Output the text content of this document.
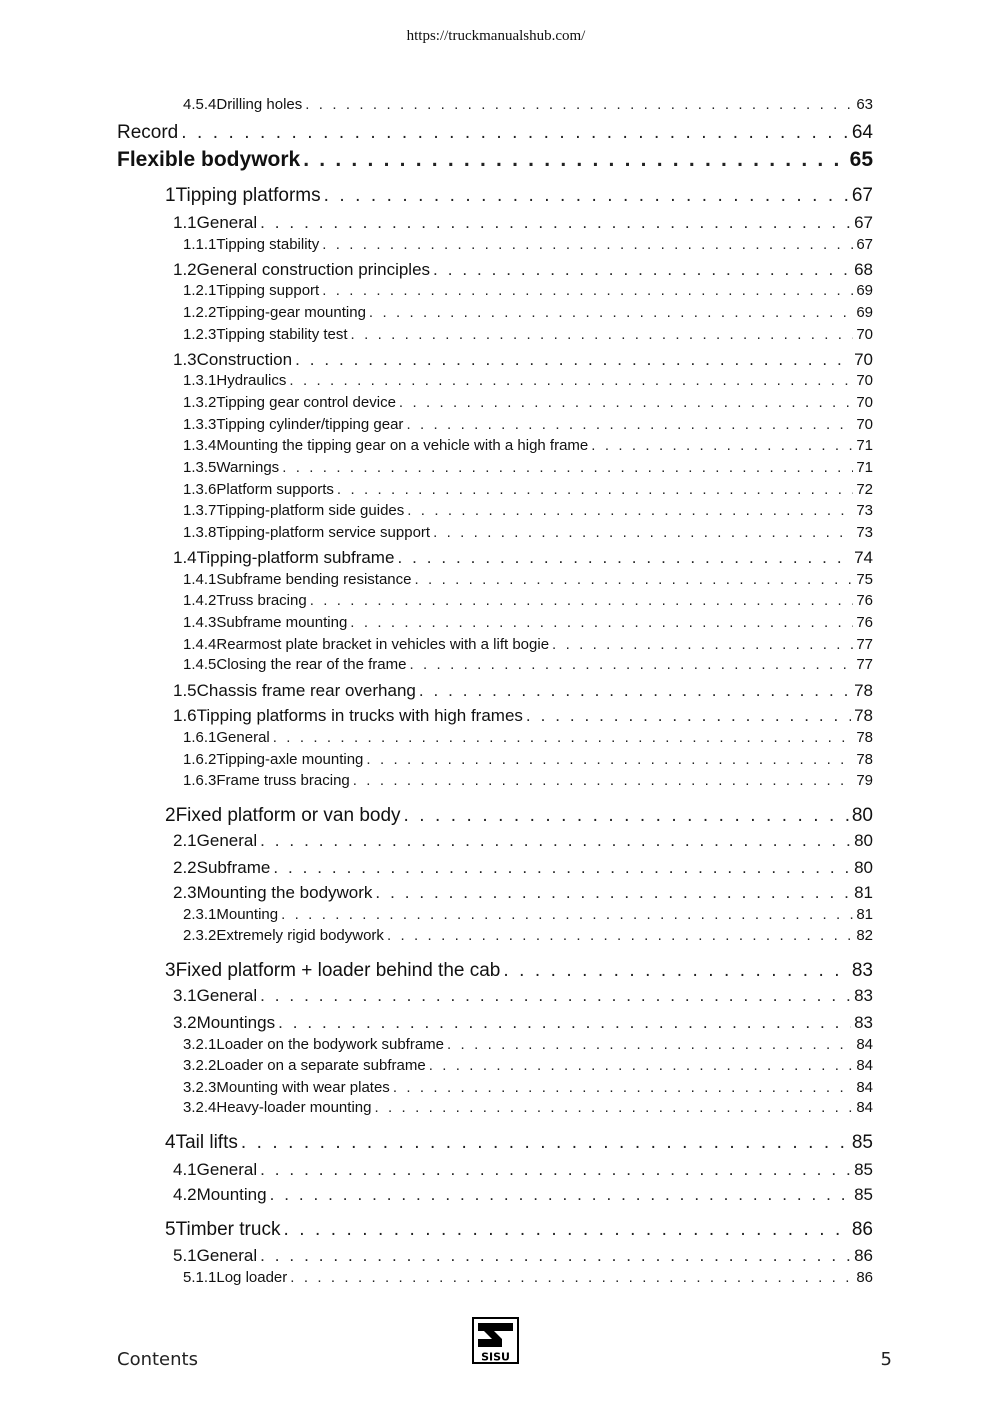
https://truckmanualshub.com/
4.5.4 Drilling holes . . .	63
Record . . .	64
Flexible bodywork . . .	65
1 Tipping platforms . . .	67
1.1 General . . .	67
1.1.1 Tipping stability . . .	67
1.2 General construction principles . . .	68
1.2.1 Tipping support . . .	69
1.2.2 Tipping-gear mounting . . .	69
1.2.3 Tipping stability test . . .	70
1.3 Construction . . .	70
1.3.1 Hydraulics . . .	70
1.3.2 Tipping gear control device . . .	70
1.3.3 Tipping cylinder/tipping gear . . .	70
1.3.4 Mounting the tipping gear on a vehicle with a high frame . . .	71
1.3.5 Warnings . . .	71
1.3.6 Platform supports . . .	72
1.3.7 Tipping-platform side guides . . .	73
1.3.8 Tipping-platform service support . . .	73
1.4 Tipping-platform subframe . . .	74
1.4.1 Subframe bending resistance . . .	75
1.4.2 Truss bracing . . .	76
1.4.3 Subframe mounting . . .	76
1.4.4 Rearmost plate bracket in vehicles with a lift bogie . . .	77
1.4.5 Closing the rear of the frame . . .	77
1.5 Chassis frame rear overhang . . .	78
1.6 Tipping platforms in trucks with high frames . . .	78
1.6.1 General . . .	78
1.6.2 Tipping-axle mounting . . .	78
1.6.3 Frame truss bracing . . .	79
2 Fixed platform or van body . . .	80
2.1 General . . .	80
2.2 Subframe . . .	80
2.3 Mounting the bodywork . . .	81
2.3.1 Mounting . . .	81
2.3.2 Extremely rigid bodywork . . .	82
3 Fixed platform + loader behind the cab . . .	83
3.1 General . . .	83
3.2 Mountings . . .	83
3.2.1 Loader on the bodywork subframe . . .	84
3.2.2 Loader on a separate subframe . . .	84
3.2.3 Mounting with wear plates . . .	84
3.2.4 Heavy-loader mounting . . .	84
4 Tail lifts . . .	85
4.1 General . . .	85
4.2 Mounting . . .	85
5 Timber truck . . .	86
5.1 General . . .	86
5.1.1 Log loader . . .	86
Contents	SISU	5
